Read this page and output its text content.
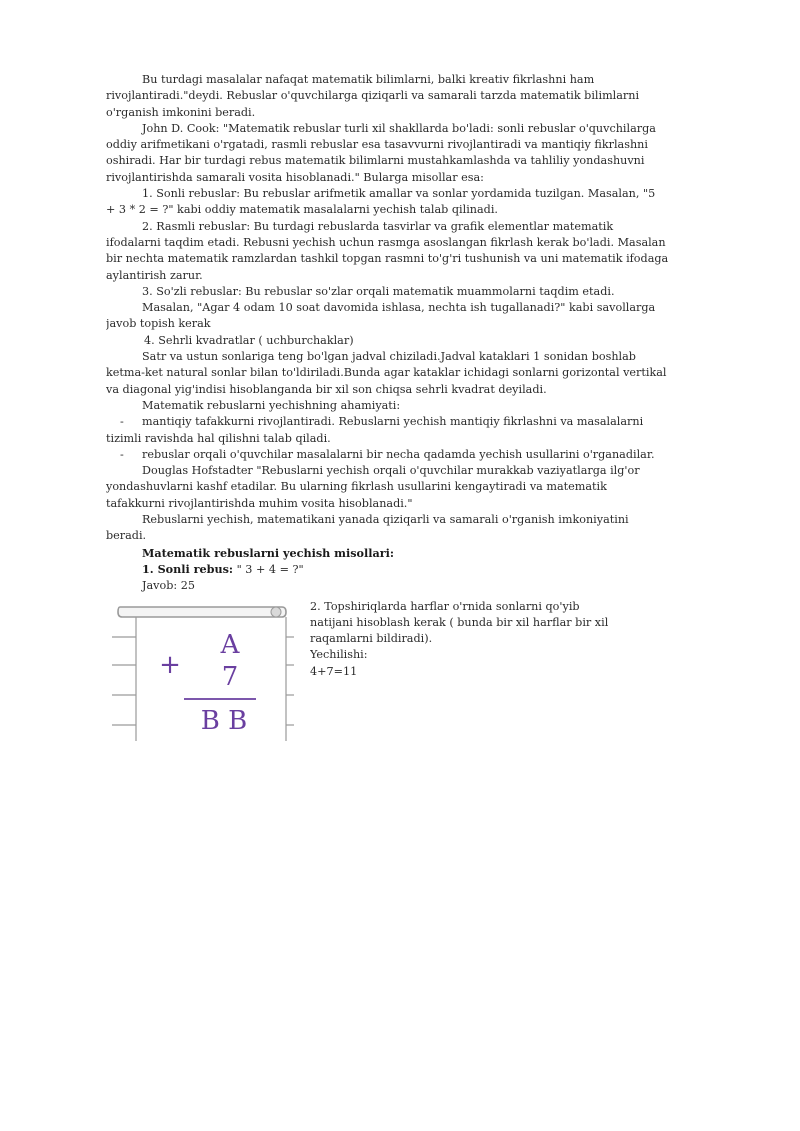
Bu turdagi masalalar nafaqat matematik bilimlarni, balki kreativ fikrlashni ham

rivojlantiradi."deydi. Rebuslar o'quvchilarga qiziqarli va samarali tarzda matematik bilimlarni

o'rganish imkonini beradi.

John D. Cook: "Matematik rebuslar turli xil shakllarda bo'ladi: sonli rebuslar o'quvchilarga

oddiy arifmetikani o'rgatadi, rasmli rebuslar esa tasavvurni rivojlantiradi va mantiqiy fikrlashni

oshiradi. Har bir turdagi rebus matematik bilimlarni mustahkamlashda va tahliliy yondashuvni

rivojlantirishda samarali vosita hisoblanadi." Bularga misollar esa:

1. Sonli rebuslar: Bu rebuslar arifmetik amallar va sonlar yordamida tuzilgan. Masalan, "5

+ 3 * 2 = ?" kabi oddiy matematik masalalarni yechish talab qilinadi.

2. Rasmli rebuslar: Bu turdagi rebuslarda tasvirlar va grafik elementlar matematik

ifodalarni taqdim etadi. Rebusni yechish uchun rasmga asoslangan fikrlash kerak bo'ladi. Masalan

bir nechta matematik ramzlardan tashkil topgan rasmni to'g'ri tushunish va uni matematik ifodaga

aylantirish zarur.

3. So'zli rebuslar: Bu rebuslar so'zlar orqali matematik muammolarni taqdim etadi.

Masalan, "Agar 4 odam 10 soat davomida ishlasa, nechta ish tugallanadi?" kabi savollarga

javob topish kerak

4. Sehrli kvadratlar ( uchburchaklar)

Satr va ustun sonlariga teng bo'lgan jadval chiziladi.Jadval kataklari 1 sonidan boshlab

ketma-ket natural sonlar bilan to'ldiriladi.Bunda agar kataklar ichidagi sonlarni gorizontal vertikal

va diagonal yig'indisi hisoblanganda bir xil son chiqsa sehrli kvadrat deyiladi.

Matematik rebuslarni yechishning ahamiyati:

-	mantiqiy tafakkurni rivojlantiradi. Rebuslarni yechish mantiqiy fikrlashni va masalalarni

tizimli ravishda hal qilishni talab qiladi.

-	rebuslar orqali o'quvchilar masalalarni bir necha qadamda yechish usullarini o'rganadilar.

Douglas Hofstadter "Rebuslarni yechish orqali o'quvchilar murakkab vaziyatlarga ilg'or

yondashuvlarni kashf etadilar. Bu ularning fikrlash usullarini kengaytiradi va matematik

tafakkurni rivojlantirishda muhim vosita hisoblanadi."

Rebuslarni yechish, matematikani yanada qiziqarli va samarali o'rganish imkoniyatini

beradi.

Matematik rebuslarni yechish misollari:

1. Sonli rebus: " 3 + 4 = ?"

Javob: 25

+
A
7
B B

2. Topshiriqlarda harflar o'rnida sonlarni qo'yib

natijani hisoblash kerak ( bunda bir xil harflar bir xil

raqamlarni bildiradi).

Yechilishi:

4+7=11
